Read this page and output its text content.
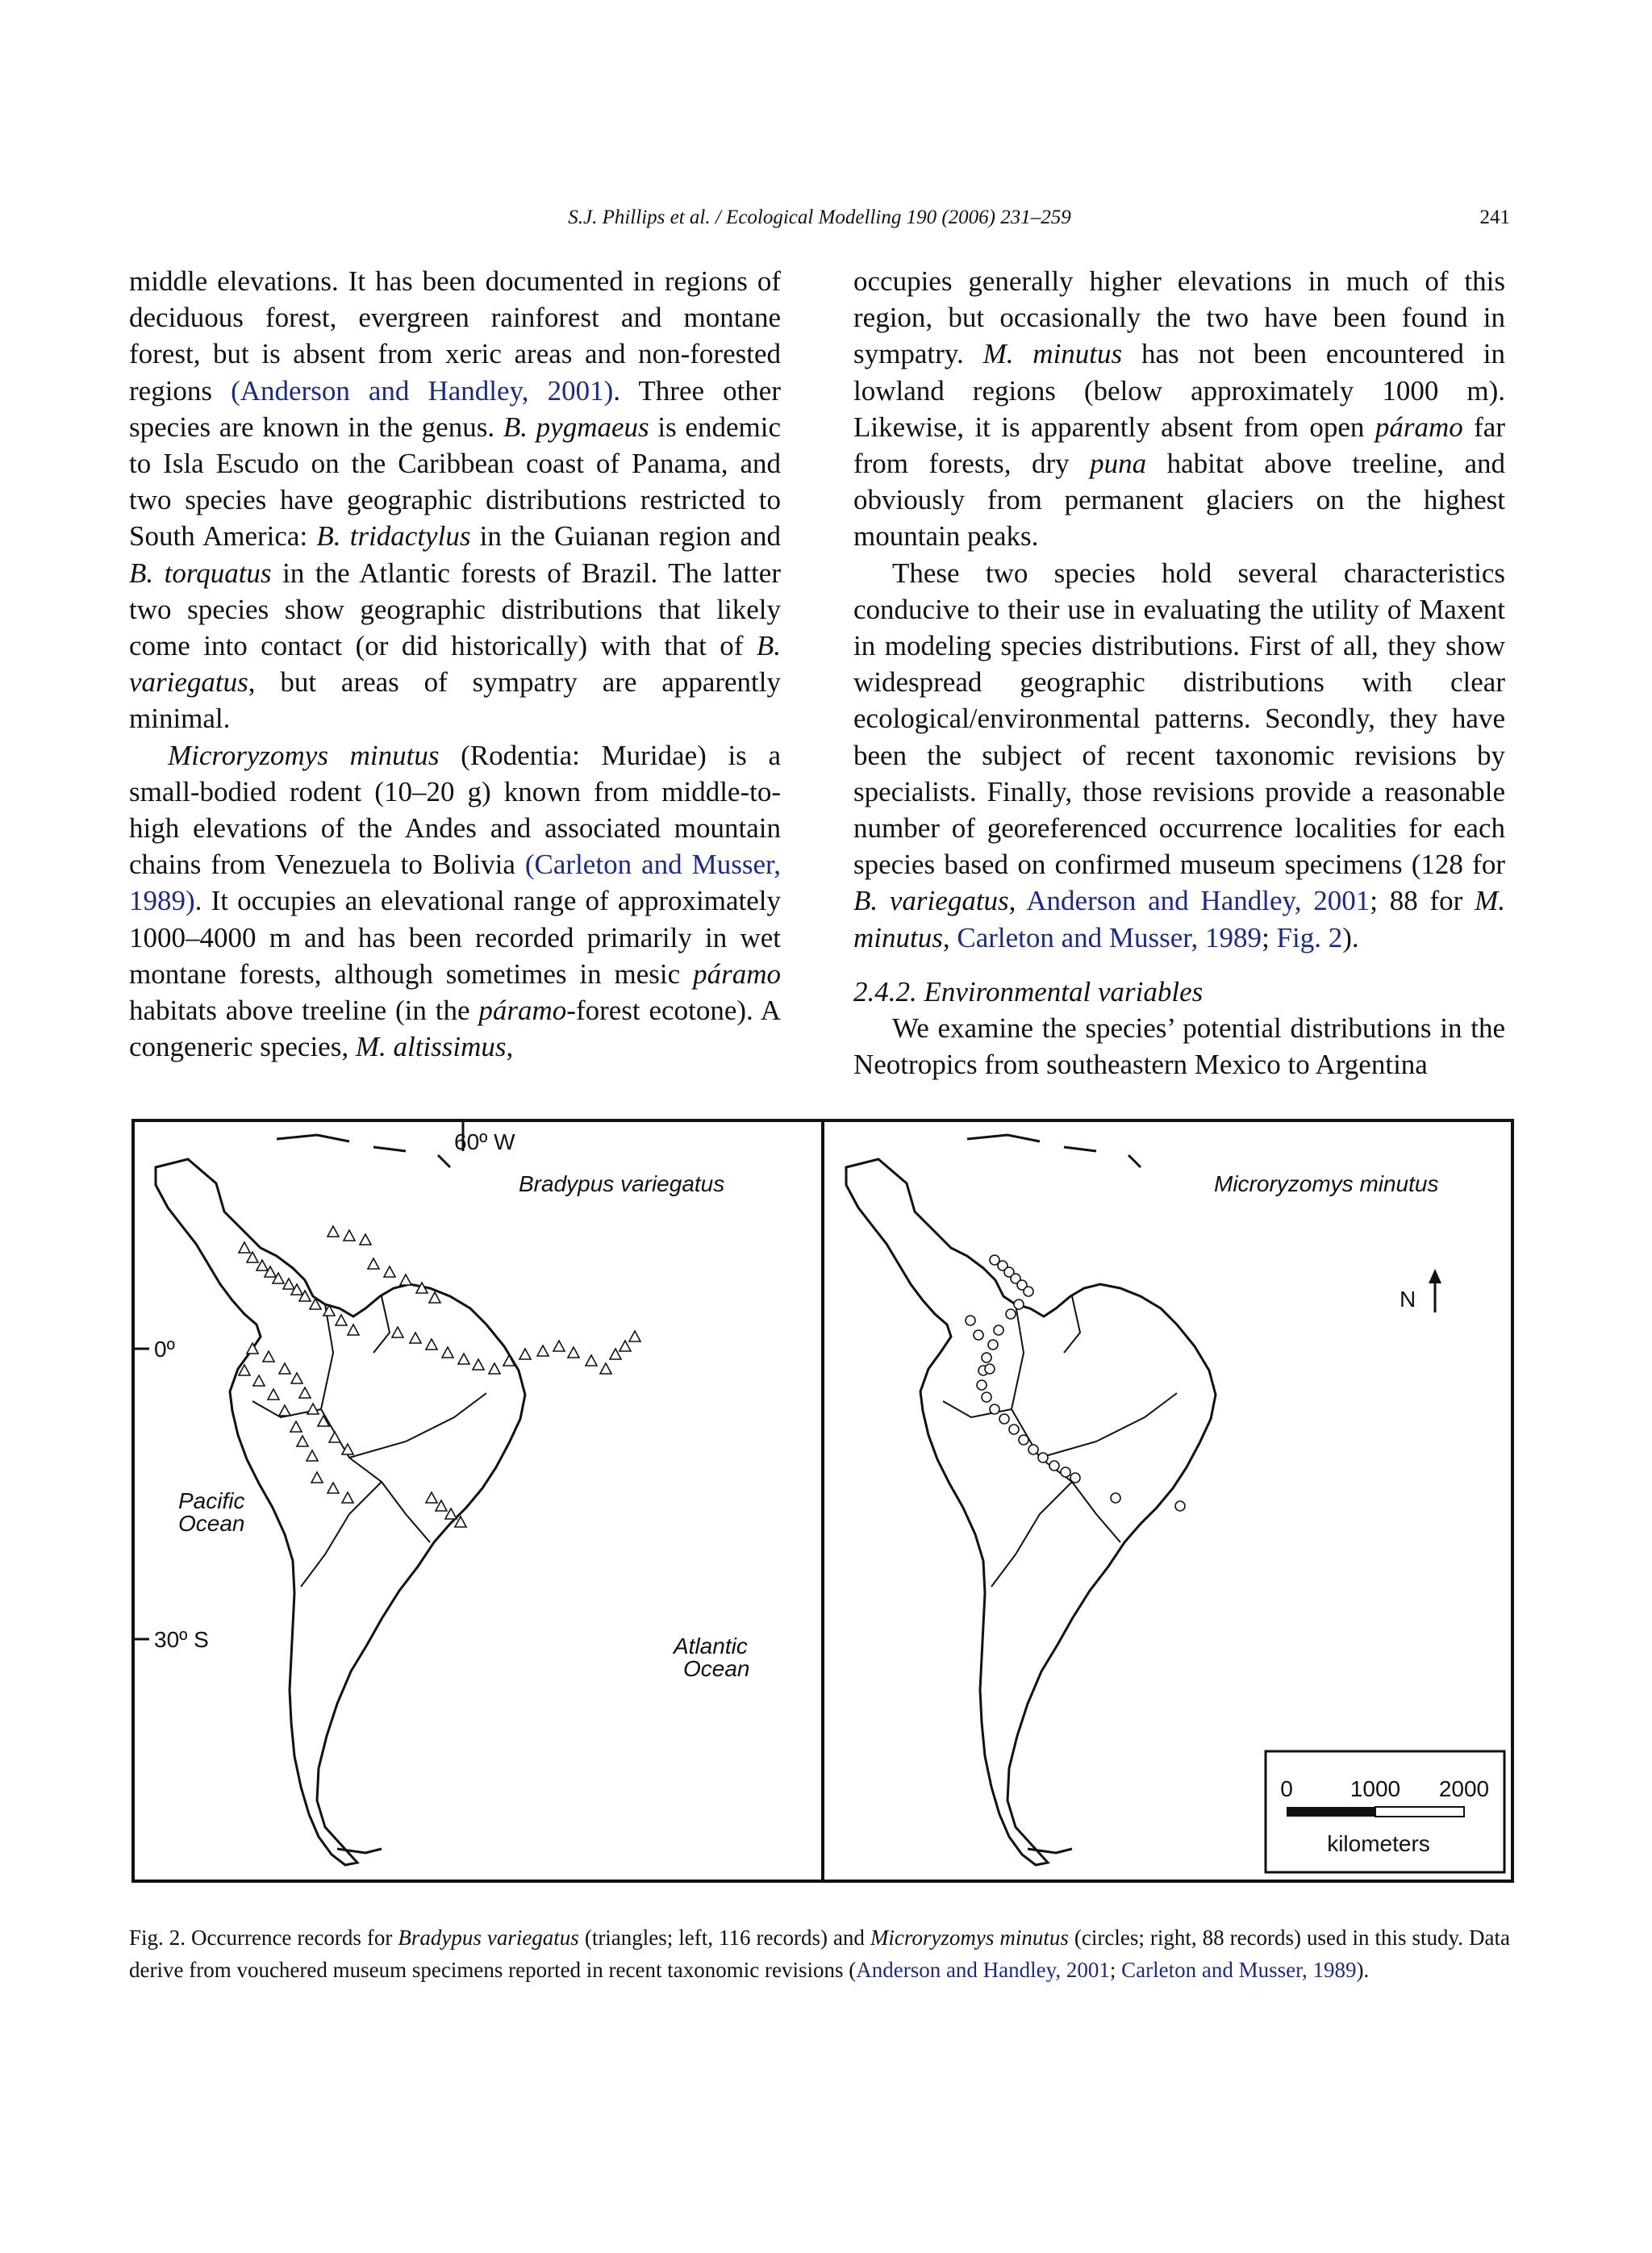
S.J. Phillips et al. / Ecological Modelling 190 (2006) 231–259	241

middle elevations. It has been documented in regions of deciduous forest, evergreen rainforest and montane forest, but is absent from xeric areas and non-forested regions (Anderson and Handley, 2001). Three other species are known in the genus. B. pygmaeus is endemic to Isla Escudo on the Caribbean coast of Panama, and two species have geographic distributions restricted to South America: B. tridactylus in the Guianan region and B. torquatus in the Atlantic forests of Brazil. The latter two species show geographic distributions that likely come into contact (or did historically) with that of B. variegatus, but areas of sympatry are apparently minimal.

Microryzomys minutus (Rodentia: Muridae) is a small-bodied rodent (10–20 g) known from middle-to-high elevations of the Andes and associated mountain chains from Venezuela to Bolivia (Carleton and Musser, 1989). It occupies an elevational range of approximately 1000–4000 m and has been recorded primarily in wet montane forests, although sometimes in mesic páramo habitats above treeline (in the páramo-forest ecotone). A congeneric species, M. altissimus,

occupies generally higher elevations in much of this region, but occasionally the two have been found in sympatry. M. minutus has not been encountered in lowland regions (below approximately 1000 m). Likewise, it is apparently absent from open páramo far from forests, dry puna habitat above treeline, and obviously from permanent glaciers on the highest mountain peaks.

These two species hold several characteristics conducive to their use in evaluating the utility of Maxent in modeling species distributions. First of all, they show widespread geographic distributions with clear ecological/environmental patterns. Secondly, they have been the subject of recent taxonomic revisions by specialists. Finally, those revisions provide a reasonable number of georeferenced occurrence localities for each species based on confirmed museum specimens (128 for B. variegatus, Anderson and Handley, 2001; 88 for M. minutus, Carleton and Musser, 1989; Fig. 2).

2.4.2. Environmental variables

We examine the species’ potential distributions in the Neotropics from southeastern Mexico to Argentina

60º W
Bradypus variegatus
0º
30º S
Pacific
Ocean
Atlantic
Ocean
Microryzomys minutus
N
0	1000 2000
kilometers
Fig. 2. Occurrence records for Bradypus variegatus (triangles; left, 116 records) and Microryzomys minutus (circles; right, 88 records) used in this study. Data derive from vouchered museum specimens reported in recent taxonomic revisions (Anderson and Handley, 2001; Carleton and Musser, 1989).
